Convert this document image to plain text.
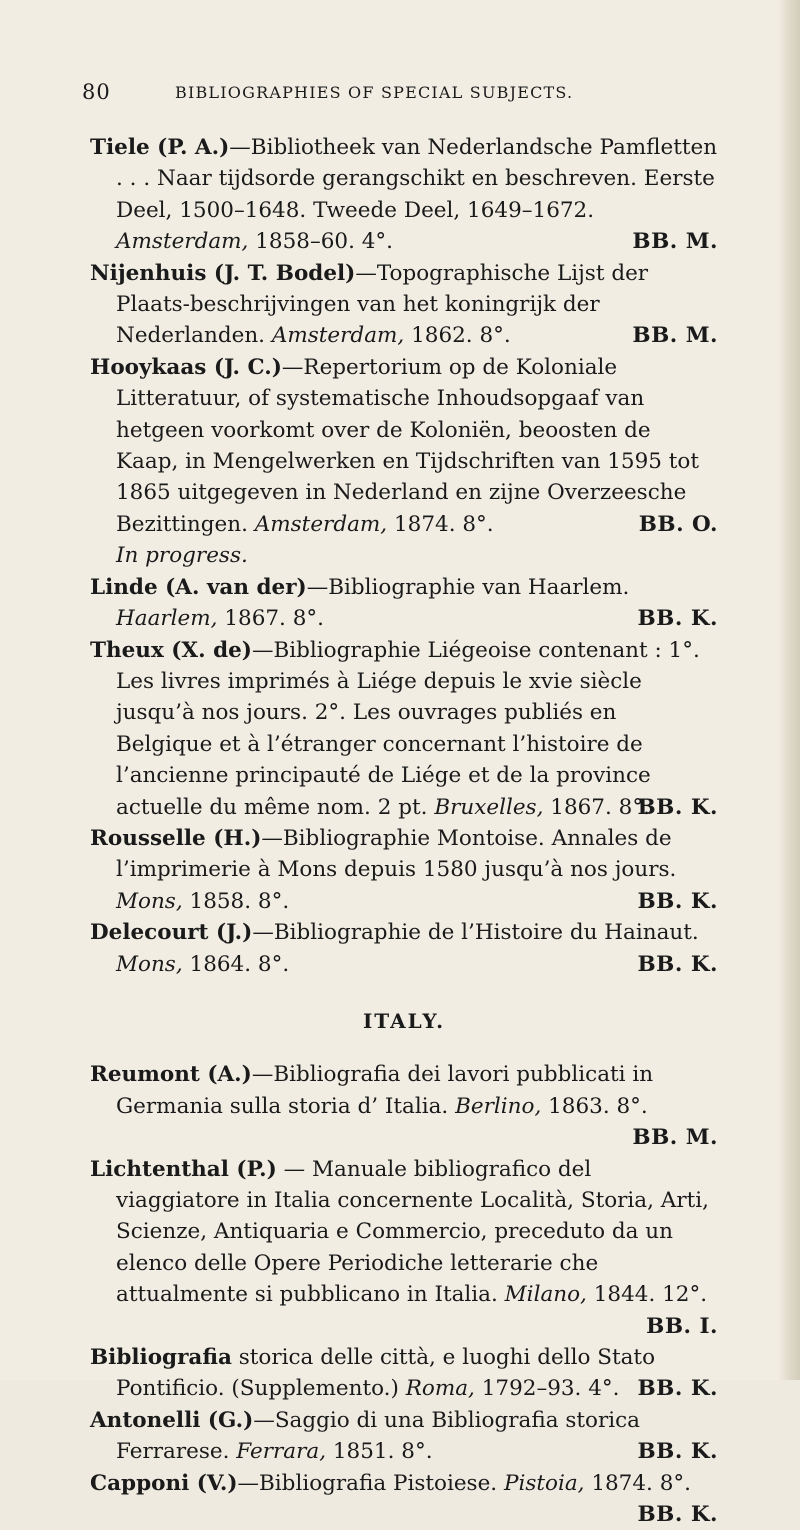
80	BIBLIOGRAPHIES OF SPECIAL SUBJECTS.

Tiele (P. A.)—Bibliotheek van Nederlandsche Pamfletten . . . Naar tijdsorde gerangschikt en beschreven. Eerste Deel, 1500–1648. Tweede Deel, 1649–1672. Amsterdam, 1858–60. 4°.	BB. M.

Nijenhuis (J. T. Bodel)—Topographische Lijst der Plaats-beschrijvingen van het koningrijk der Nederlanden. Amsterdam, 1862. 8°.	BB. M.

Hooykaas (J. C.)—Repertorium op de Koloniale Litteratuur, of systematische Inhoudsopgaaf van hetgeen voorkomt over de Koloniën, beoosten de Kaap, in Mengelwerken en Tijdschriften van 1595 tot 1865 uitgegeven in Nederland en zijne Overzeesche Bezittingen. Amsterdam, 1874. 8°.	BB. O.

In progress.

Linde (A. van der)—Bibliographie van Haarlem. Haarlem, 1867. 8°.	BB. K.

Theux (X. de)—Bibliographie Liégeoise contenant : 1°. Les livres imprimés à Liége depuis le xvie siècle jusqu’à nos jours. 2°. Les ouvrages publiés en Belgique et à l’étranger concernant l’histoire de l’ancienne principauté de Liége et de la province actuelle du même nom. 2 pt. Bruxelles, 1867. 8°.
BB. K.

Rousselle (H.)—Bibliographie Montoise. Annales de l’imprimerie à Mons depuis 1580 jusqu’à nos jours. Mons, 1858. 8°.	BB. K.

Delecourt (J.)—Bibliographie de l’Histoire du Hainaut. Mons, 1864. 8°.	BB. K.

ITALY.

Reumont (A.)—Bibliografia dei lavori pubblicati in Germania sulla storia d’ Italia. Berlino, 1863. 8°.
BB. M.

Lichtenthal (P.) — Manuale bibliografico del viaggiatore in Italia concernente Località, Storia, Arti, Scienze, Antiquaria e Commercio, preceduto da un elenco delle Opere Periodiche letterarie che attualmente si pubblicano in Italia. Milano, 1844. 12°.
BB. I.

Bibliografia storica delle città, e luoghi dello Stato Pontificio. (Supplemento.) Roma, 1792–93. 4°. BB. K.

Antonelli (G.)—Saggio di una Bibliografia storica Ferrarese. Ferrara, 1851. 8°.	BB. K.

Capponi (V.)—Bibliografia Pistoiese. Pistoia, 1874. 8°.
BB. K.
